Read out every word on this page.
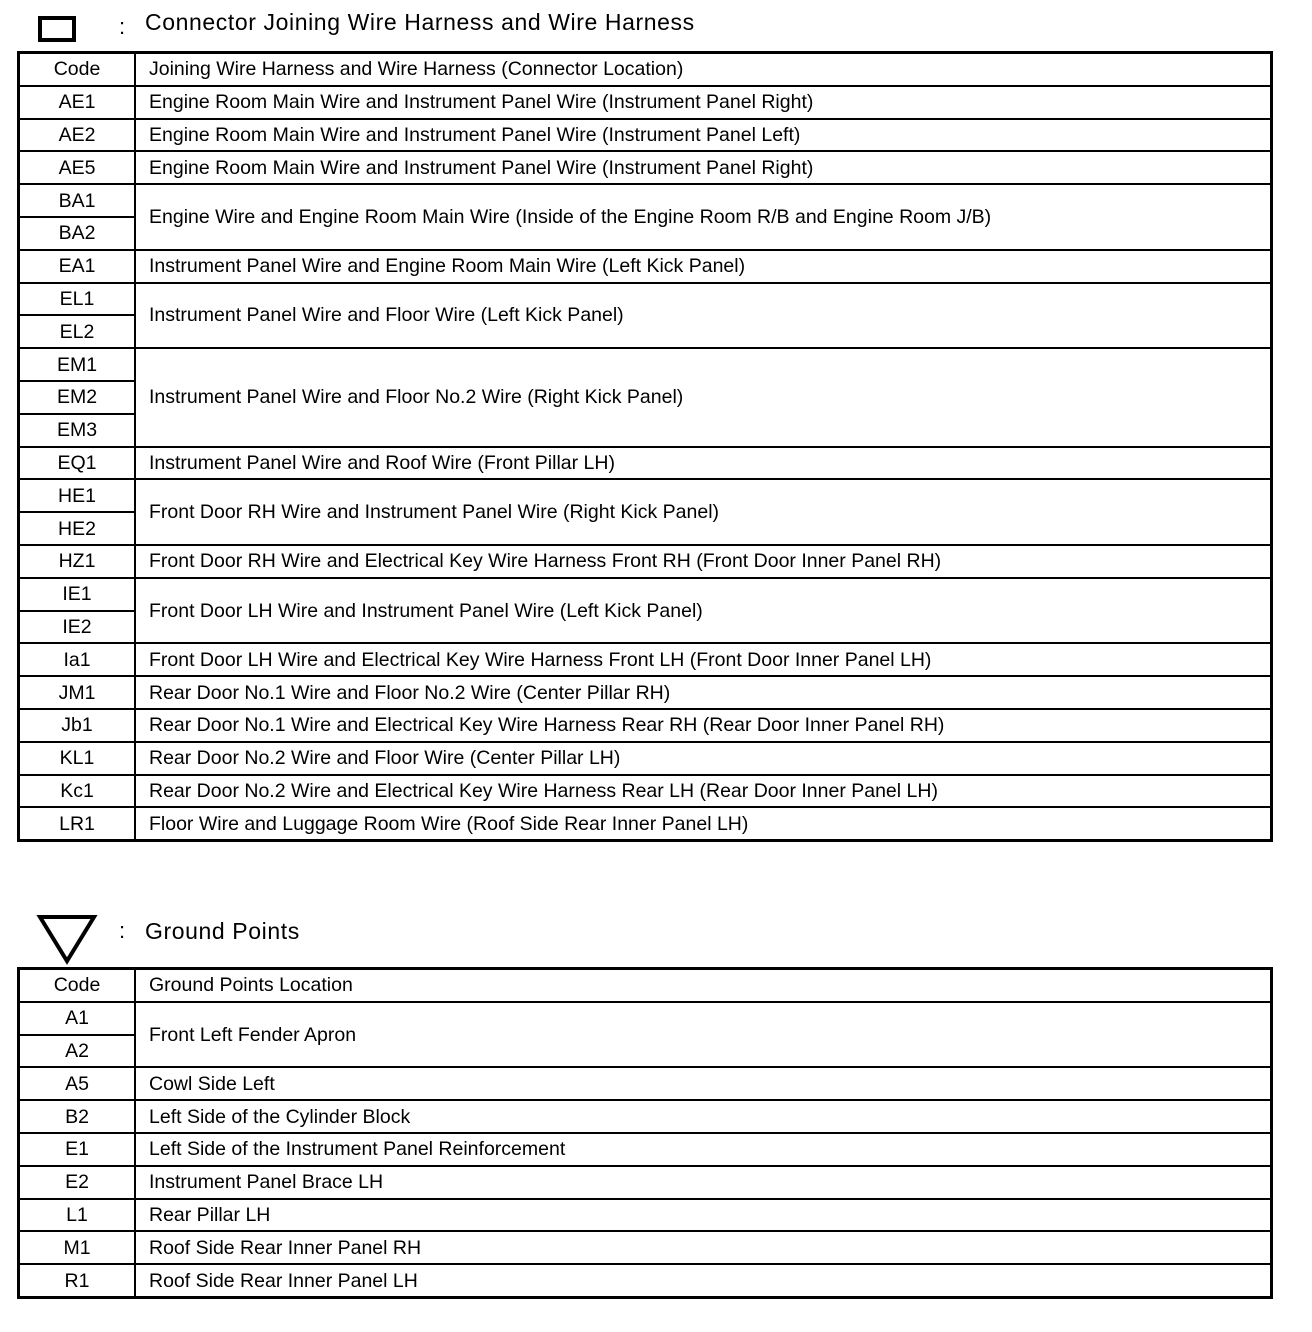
: Connector Joining Wire Harness and Wire Harness
Code	Joining Wire Harness and Wire Harness (Connector Location)
AE1	Engine Room Main Wire and Instrument Panel Wire (Instrument Panel Right)
AE2	Engine Room Main Wire and Instrument Panel Wire (Instrument Panel Left)
AE5	Engine Room Main Wire and Instrument Panel Wire (Instrument Panel Right)
BA1	Engine Wire and Engine Room Main Wire (Inside of the Engine Room R/B and Engine Room J/B)
BA2	
EA1	Instrument Panel Wire and Engine Room Main Wire (Left Kick Panel)
EL1	Instrument Panel Wire and Floor Wire (Left Kick Panel)
EL2	
EM1	Instrument Panel Wire and Floor No.2 Wire (Right Kick Panel)
EM2	
EM3	
EQ1	Instrument Panel Wire and Roof Wire (Front Pillar LH)
HE1	Front Door RH Wire and Instrument Panel Wire (Right Kick Panel)
HE2	
HZ1	Front Door RH Wire and Electrical Key Wire Harness Front RH (Front Door Inner Panel RH)
IE1	Front Door LH Wire and Instrument Panel Wire (Left Kick Panel)
IE2	
Ia1	Front Door LH Wire and Electrical Key Wire Harness Front LH (Front Door Inner Panel LH)
JM1	Rear Door No.1 Wire and Floor No.2 Wire (Center Pillar RH)
Jb1	Rear Door No.1 Wire and Electrical Key Wire Harness Rear RH (Rear Door Inner Panel RH)
KL1	Rear Door No.2 Wire and Floor Wire (Center Pillar LH)
Kc1	Rear Door No.2 Wire and Electrical Key Wire Harness Rear LH (Rear Door Inner Panel LH)
LR1	Floor Wire and Luggage Room Wire (Roof Side Rear Inner Panel LH)
: Ground Points
Code	Ground Points Location
A1	Front Left Fender Apron
A2	
A5	Cowl Side Left
B2	Left Side of the Cylinder Block
E1	Left Side of the Instrument Panel Reinforcement
E2	Instrument Panel Brace LH
L1	Rear Pillar LH
M1	Roof Side Rear Inner Panel RH
R1	Roof Side Rear Inner Panel LH
